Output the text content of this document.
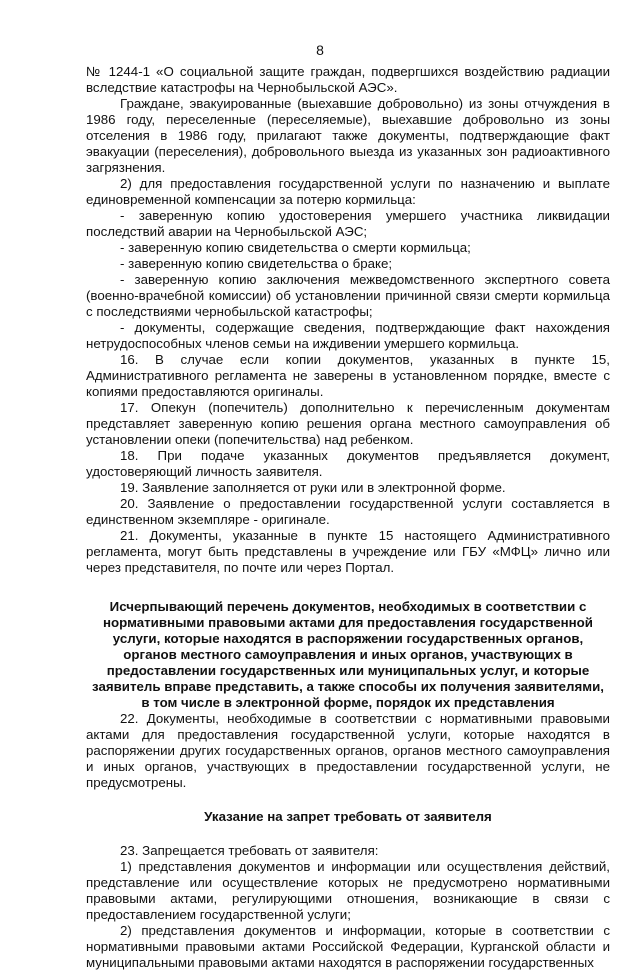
8

№ 1244-1 «О социальной защите граждан, подвергшихся воздействию радиации вследствие катастрофы на Чернобыльской АЭС».

Граждане, эвакуированные (выехавшие добровольно) из зоны отчуждения в 1986 году, переселенные (переселяемые), выехавшие добровольно из зоны отселения в 1986 году, прилагают также документы, подтверждающие факт эвакуации (переселения), добровольного выезда из указанных зон радиоактивного загрязнения.

2) для предоставления государственной услуги по назначению и выплате единовременной компенсации за потерю кормильца:

- заверенную копию удостоверения умершего участника ликвидации последствий аварии на Чернобыльской АЭС;

- заверенную копию свидетельства о смерти кормильца;

- заверенную копию свидетельства о браке;

- заверенную копию заключения межведомственного экспертного совета (военно-врачебной комиссии) об установлении причинной связи смерти кормильца с последствиями чернобыльской катастрофы;

- документы, содержащие сведения, подтверждающие факт нахождения нетрудоспособных членов семьи на иждивении умершего кормильца.

16. В случае если копии документов, указанных в пункте 15, Административного регламента не заверены в установленном порядке, вместе с копиями предоставляются оригиналы.

17. Опекун (попечитель) дополнительно к перечисленным документам представляет заверенную копию решения органа местного самоуправления об установлении опеки (попечительства) над ребенком.

18. При подаче указанных документов предъявляется документ, удостоверяющий личность заявителя.

19. Заявление заполняется от руки или в электронной форме.

20. Заявление о предоставлении государственной услуги составляется в единственном экземпляре - оригинале.

21. Документы, указанные в пункте 15 настоящего Административного регламента, могут быть представлены в учреждение или ГБУ «МФЦ» лично или через представителя, по почте или через Портал.

Исчерпывающий перечень документов, необходимых в соответствии с нормативными правовыми актами для предоставления государственной услуги, которые находятся в распоряжении государственных органов, органов местного самоуправления и иных органов, участвующих в предоставлении государственных или муниципальных услуг, и которые заявитель вправе представить, а также способы их получения заявителями, в том числе в электронной форме, порядок их представления

22. Документы, необходимые в соответствии с нормативными правовыми актами для предоставления государственной услуги, которые находятся в распоряжении других государственных органов, органов местного самоуправления и иных органов, участвующих в предоставлении государственной услуги, не предусмотрены.

Указание на запрет требовать от заявителя

23. Запрещается требовать от заявителя:

1) представления документов и информации или осуществления действий, представление или осуществление которых не предусмотрено нормативными правовыми актами, регулирующими отношения, возникающие в связи с предоставлением государственной услуги;

2) представления документов и информации, которые в соответствии с нормативными правовыми актами Российской Федерации, Курганской области и муниципальными правовыми актами находятся в распоряжении государственных
